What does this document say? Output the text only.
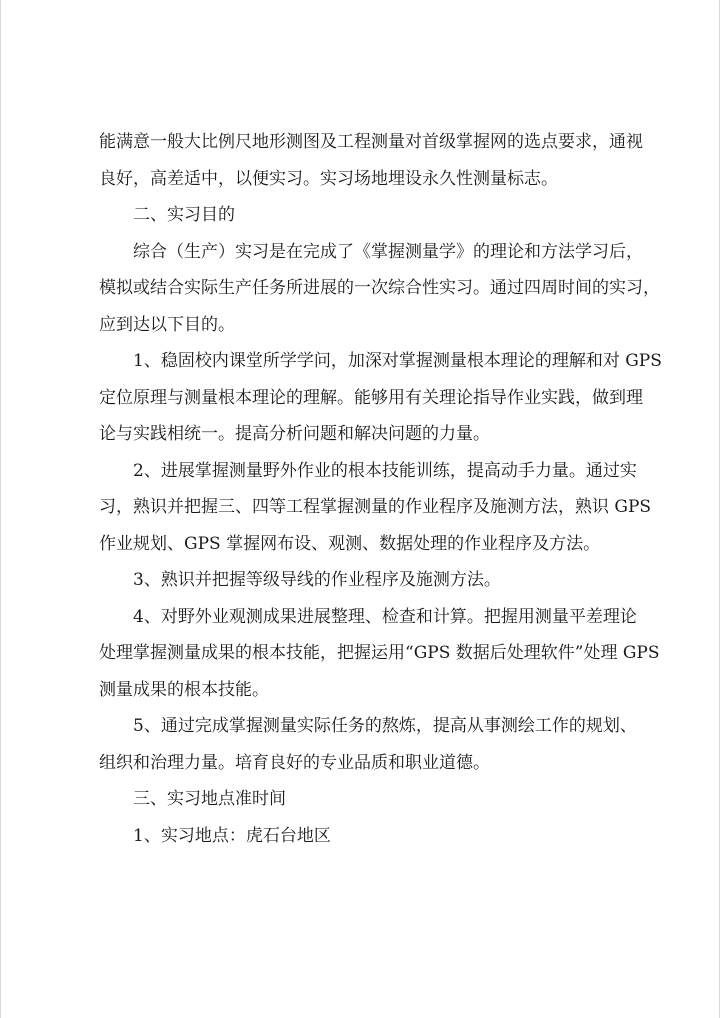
能满意一般大比例尺地形测图及工程测量对首级掌握网的选点要求，通视
良好，高差适中，以便实习。实习场地埋设永久性测量标志。
二、实习目的
综合（生产）实习是在完成了《掌握测量学》的理论和方法学习后，
模拟或结合实际生产任务所进展的一次综合性实习。通过四周时间的实习，
应到达以下目的。
1、稳固校内课堂所学学问，加深对掌握测量根本理论的理解和对 GPS
定位原理与测量根本理论的理解。能够用有关理论指导作业实践，做到理
论与实践相统一。提高分析问题和解决问题的力量。
2、进展掌握测量野外作业的根本技能训练，提高动手力量。通过实
习，熟识并把握三、四等工程掌握测量的作业程序及施测方法，熟识 GPS
作业规划、GPS 掌握网布设、观测、数据处理的作业程序及方法。
3、熟识并把握等级导线的作业程序及施测方法。
4、对野外业观测成果进展整理、检查和计算。把握用测量平差理论
处理掌握测量成果的根本技能，把握运用“GPS 数据后处理软件”处理 GPS
测量成果的根本技能。
5、通过完成掌握测量实际任务的熬炼，提高从事测绘工作的规划、
组织和治理力量。培育良好的专业品质和职业道德。
三、实习地点准时间
1、实习地点：虎石台地区
